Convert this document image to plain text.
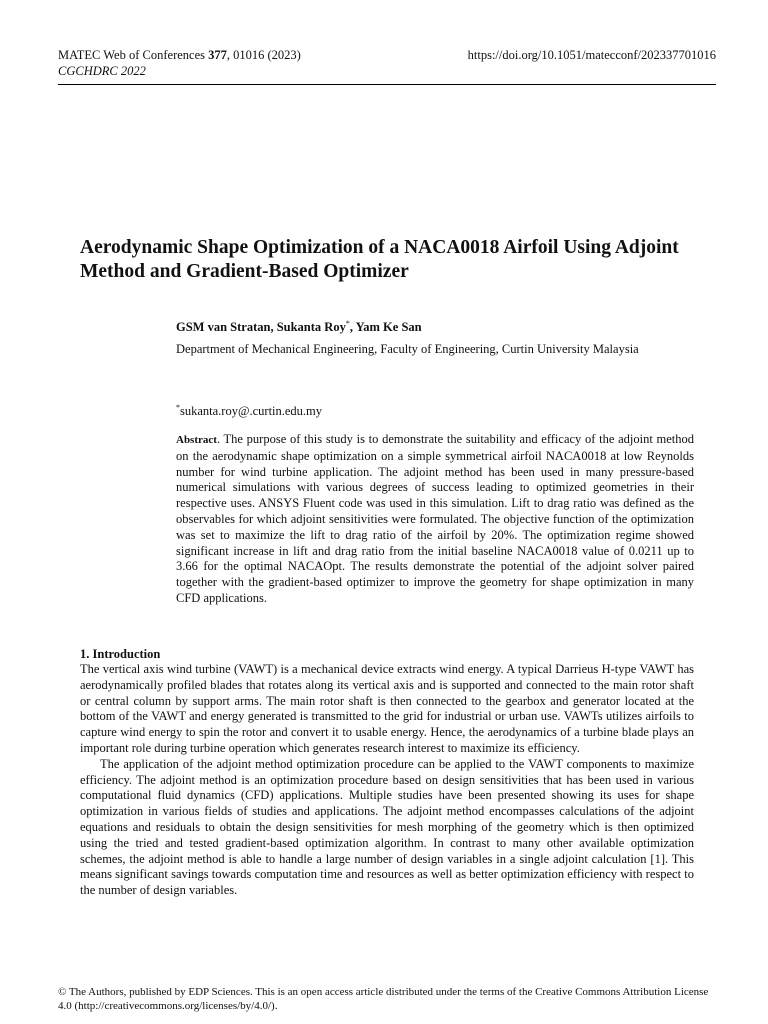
MATEC Web of Conferences 377, 01016 (2023)	https://doi.org/10.1051/matecconf/202337701016
CGCHDRC 2022
Aerodynamic Shape Optimization of a NACA0018 Airfoil Using Adjoint Method and Gradient-Based Optimizer
GSM van Stratan, Sukanta Roy*, Yam Ke San
Department of Mechanical Engineering, Faculty of Engineering, Curtin University Malaysia
*sukanta.roy@.curtin.edu.my

Abstract. The purpose of this study is to demonstrate the suitability and efficacy of the adjoint method on the aerodynamic shape optimization on a simple symmetrical airfoil NACA0018 at low Reynolds number for wind turbine application. The adjoint method has been used in many pressure-based numerical simulations with various degrees of success leading to optimized geometries in their respective uses. ANSYS Fluent code was used in this simulation. Lift to drag ratio was defined as the observables for which adjoint sensitivities were formulated. The objective function of the optimization was set to maximize the lift to drag ratio of the airfoil by 20%. The optimization regime showed significant increase in lift and drag ratio from the initial baseline NACA0018 value of 0.0211 up to 3.66 for the optimal NACAOpt. The results demonstrate the potential of the adjoint solver paired together with the gradient-based optimizer to improve the geometry for shape optimization in many CFD applications.

1. Introduction

The vertical axis wind turbine (VAWT) is a mechanical device extracts wind energy. A typical Darrieus H-type VAWT has aerodynamically profiled blades that rotates along its vertical axis and is supported and connected to the main rotor shaft or central column by support arms. The main rotor shaft is then connected to the gearbox and generator located at the bottom of the VAWT and energy generated is transmitted to the grid for industrial or urban use. VAWTs utilizes airfoils to capture wind energy to spin the rotor and convert it to usable energy. Hence, the aerodynamics of a turbine blade plays an important role during turbine operation which generates research interest to maximize its efficiency.

The application of the adjoint method optimization procedure can be applied to the VAWT components to maximize efficiency. The adjoint method is an optimization procedure based on design sensitivities that has been used in various computational fluid dynamics (CFD) applications. Multiple studies have been presented showing its uses for shape optimization in various fields of studies and applications. The adjoint method encompasses calculations of the adjoint equations and residuals to obtain the design sensitivities for mesh morphing of the geometry which is then optimized using the tried and tested gradient-based optimization algorithm. In contrast to many other available optimization schemes, the adjoint method is able to handle a large number of design variables in a single adjoint calculation [1]. This means significant savings towards computation time and resources as well as better optimization efficiency with respect to the number of design variables.

© The Authors, published by EDP Sciences. This is an open access article distributed under the terms of the Creative Commons Attribution License 4.0 (http://creativecommons.org/licenses/by/4.0/).
